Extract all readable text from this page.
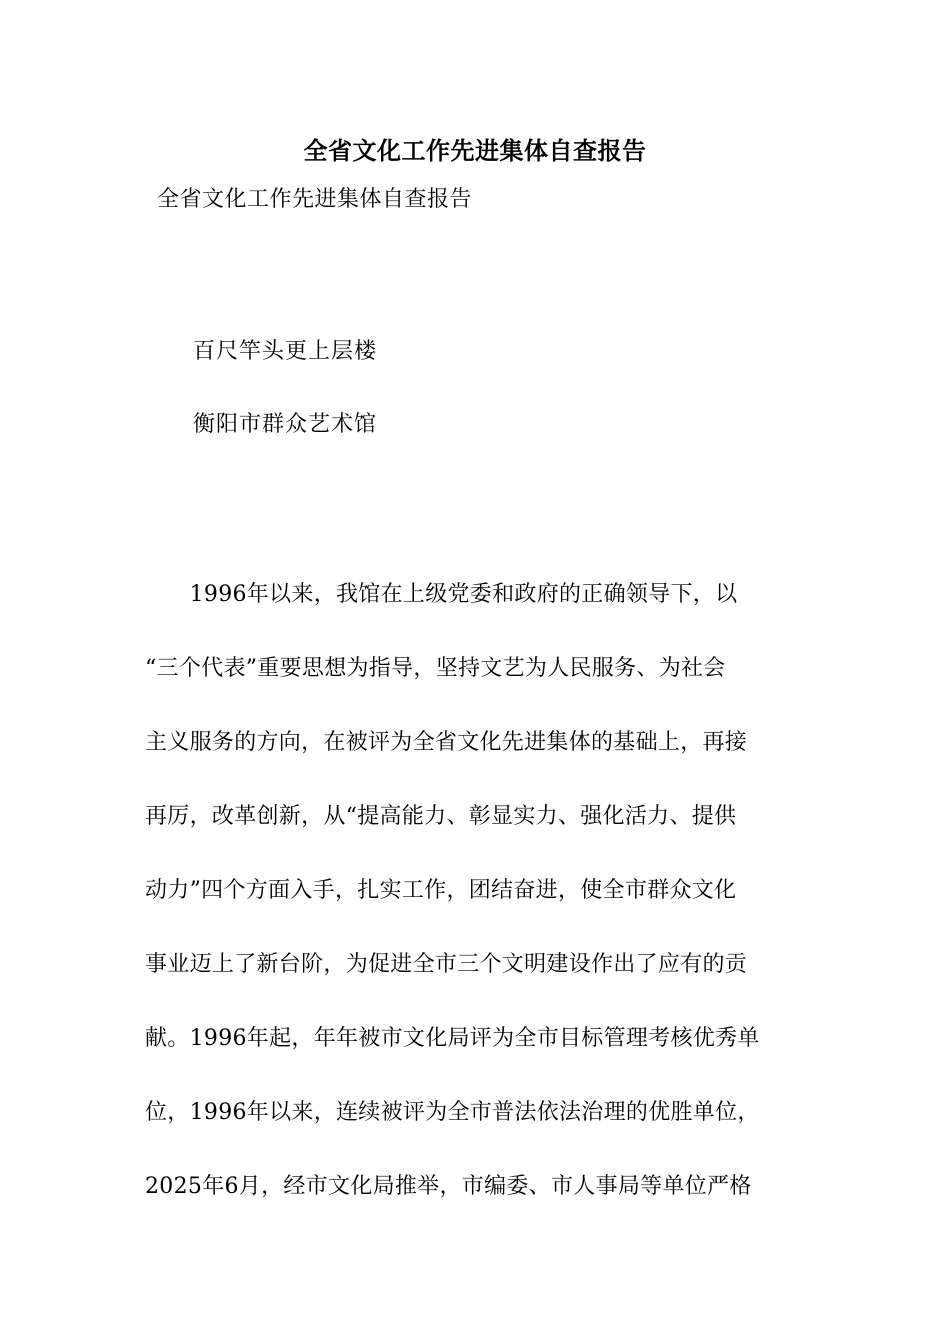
全省文化工作先进集体自查报告
全省文化工作先进集体自查报告
百尺竿头更上层楼
衡阳市群众艺术馆
　　1996年以来，我馆在上级党委和政府的正确领导下，以
“三个代表”重要思想为指导，坚持文艺为人民服务、为社会
主义服务的方向，在被评为全省文化先进集体的基础上，再接
再厉，改革创新，从“提高能力、彰显实力、强化活力、提供
动力”四个方面入手，扎实工作，团结奋进，使全市群众文化
事业迈上了新台阶，为促进全市三个文明建设作出了应有的贡
献。1996年起，年年被市文化局评为全市目标管理考核优秀单
位，1996年以来，连续被评为全市普法依法治理的优胜单位，
2025年6月，经市文化局推举，市编委、市人事局等单位严格
